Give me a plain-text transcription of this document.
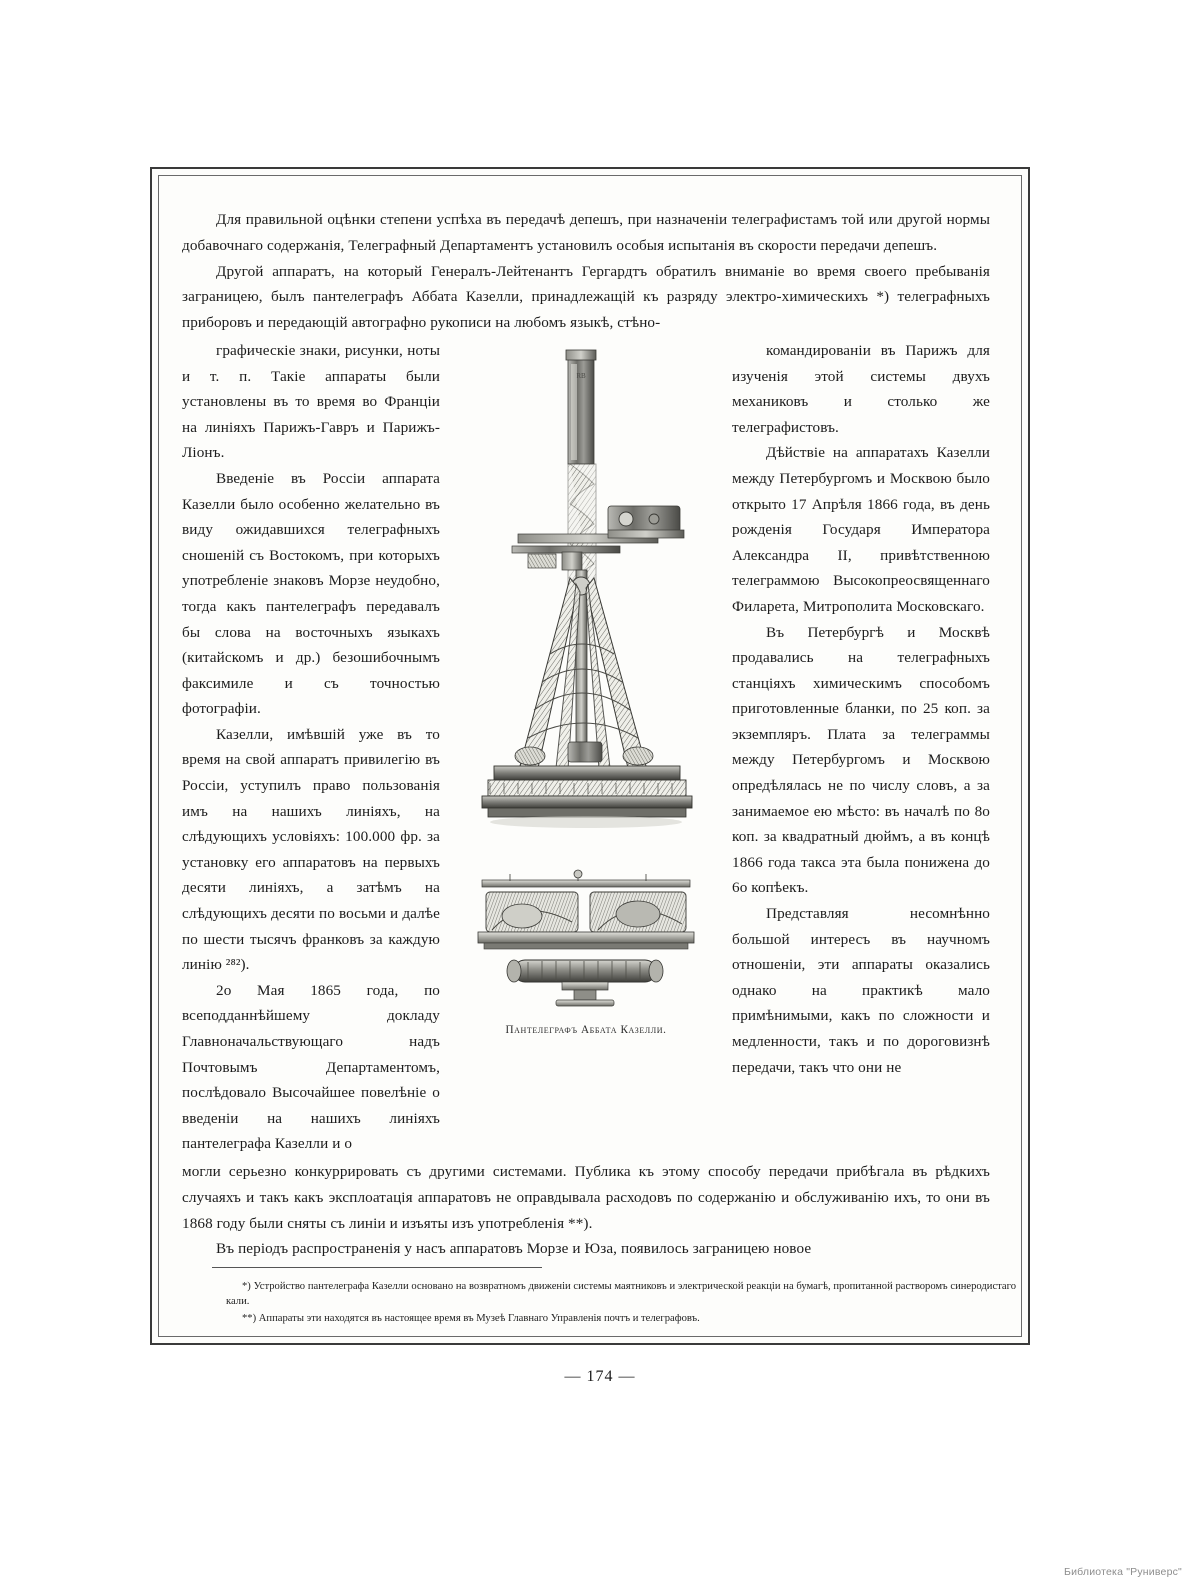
Для правильной оцѣнки степени успѣха въ передачѣ депешъ, при назначеніи телеграфистамъ той или другой нормы добавочнаго содержанія, Телеграфный Департаментъ установилъ особыя испытанія въ скорости передачи депешъ.

Другой аппаратъ, на который Генералъ-Лейтенантъ Гергардтъ обратилъ вниманіе во время своего пребыванія заграницею, былъ пантелеграфъ Аббата Казелли, принадлежащій къ разряду электро-химическихъ *) телеграфныхъ приборовъ и передающій автографно рукописи на любомъ языкѣ, стѣно-

графическіе знаки, рисунки, ноты и т. п. Такіе аппараты были установлены въ то время во Франціи на линіяхъ Парижъ-Гавръ и Парижъ-Ліонъ.

Введеніе въ Россіи аппарата Казелли было особенно желательно въ виду ожидавшихся телеграфныхъ сношеній съ Востокомъ, при которыхъ употребленіе знаковъ Морзе неудобно, тогда какъ пантелеграфъ передавалъ бы слова на восточныхъ языкахъ (китайскомъ и др.) безошибочнымъ факсимиле и съ точностью фотографіи.

Казелли, имѣвшій уже въ то время на свой аппаратъ привилегію въ Россіи, уступилъ право пользованія имъ на нашихъ линіяхъ, на слѣдующихъ условіяхъ: 100.000 фр. за установку его аппаратовъ на первыхъ десяти линіяхъ, а затѣмъ на слѣдующихъ десяти по восьми и далѣе по шести тысячъ франковъ за каждую линію ²⁸²).

2о Мая 1865 года, по всеподданнѣйшему докладу Главноначальствующаго надъ Почтовымъ Департаментомъ, послѣдовало Высочайшее повелѣніе о введеніи на нашихъ линіяхъ пантелеграфа Казелли и о

RB
Пантелеграфъ Аббата Казелли.

командированіи въ Парижъ для изученія этой системы двухъ механиковъ и столько же телеграфистовъ.

Дѣйствіе на аппаратахъ Казелли между Петербургомъ и Москвою было открыто 17 Апрѣля 1866 года, въ день рожденія Государя Императора Александра II, привѣтственною телеграммою Высокопреосвященнаго Филарета, Митрополита Московскаго.

Въ Петербургѣ и Москвѣ продавались на телеграфныхъ станціяхъ химическимъ способомъ приготовленные бланки, по 25 коп. за экземпляръ. Плата за телеграммы между Петербургомъ и Москвою опредѣлялась не по числу словъ, а за занимаемое ею мѣсто: въ началѣ по 8о коп. за квадратный дюймъ, а въ концѣ 1866 года такса эта была понижена до 6о копѣекъ.

Представляя несомнѣнно большой интересъ въ научномъ отношеніи, эти аппараты оказались однако на практикѣ мало примѣнимыми, какъ по сложности и медленности, такъ и по дороговизнѣ передачи, такъ что они не

могли серьезно конкуррировать съ другими системами. Публика къ этому способу передачи прибѣгала въ рѣдкихъ случаяхъ и такъ какъ эксплоатація аппаратовъ не оправдывала расходовъ по содержанію и обслуживанію ихъ, то они въ 1868 году были сняты съ линіи и изъяты изъ употребленія **).

Въ періодъ распространенія у насъ аппаратовъ Морзе и Юза, появилось заграницею новое

*) Устройство пантелеграфа Казелли основано на возвратномъ движеніи системы маятниковъ и электрической реакціи на бумагѣ, пропитанной растворомъ синеродистаго кали.

**) Аппараты эти находятся въ настоящее время въ Музеѣ Главнаго Управленія почтъ и телеграфовъ.

— 174 —
Библиотека "Руниверс"
